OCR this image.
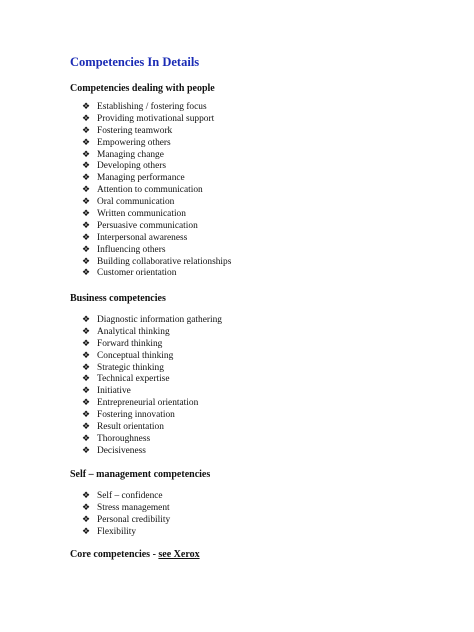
Competencies In Details
Competencies dealing with people
❖ Establishing / fostering focus
❖ Providing motivational support
❖ Fostering teamwork
❖ Empowering others
❖ Managing change
❖ Developing others
❖ Managing performance
❖ Attention to communication
❖ Oral communication
❖ Written communication
❖ Persuasive communication
❖ Interpersonal awareness
❖ Influencing others
❖ Building collaborative relationships
❖ Customer orientation
Business competencies
❖ Diagnostic information gathering
❖ Analytical thinking
❖ Forward thinking
❖ Conceptual thinking
❖ Strategic thinking
❖ Technical expertise
❖ Initiative
❖ Entrepreneurial orientation
❖ Fostering innovation
❖ Result orientation
❖ Thoroughness
❖ Decisiveness
Self – management competencies
❖ Self – confidence
❖ Stress management
❖ Personal credibility
❖ Flexibility
Core competencies - see Xerox
